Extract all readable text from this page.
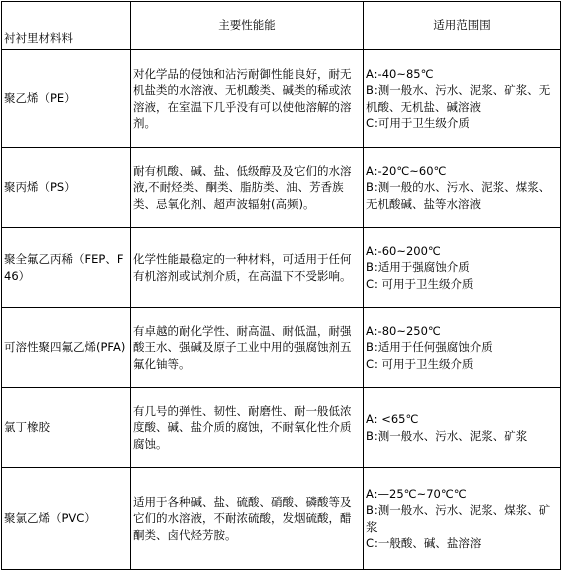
衬衬里材料料	主要性能能	适用范围围
聚乙烯（PE）	对化学品的侵蚀和沾污耐御性能良好，耐无机盐类的水溶液、无机酸类、碱类的稀或浓溶液，在室温下几乎没有可以使他溶解的溶剂。	A:-40~85℃
B:测一般水、污水、泥浆、矿浆、无机酸、无机盐、碱溶液
C:可用于卫生级介质

聚丙烯（PS）	耐有机酸、碱、盐、低级醇及及它们的水溶液,不耐烃类、酮类、脂肪类、油、芳香族类、忌氧化剂、超声波辐射(高频)。	A:-20℃~60℃
B:测一般的水、污水、泥浆、煤浆、无机酸碱、盐等水溶液

聚全氟乙丙稀（FEP、F46）	化学性能最稳定的一种材料，可适用于任何有机溶剂或试剂介质，在高温下不受影响。	A:-60~200℃
B:适用于强腐蚀介质
C: 可用于卫生级介质

可溶性聚四氟乙烯(PFA)	有卓越的耐化学性、耐高温、耐低温，耐强酸王水、强碱及原子工业中用的强腐蚀剂五氟化铀等。	A:-80~250℃
B:适用于任何强腐蚀介质
C: 可用于卫生级介质

氯丁橡胶	有几号的弹性、韧性、耐磨性、耐一般低浓度酸、碱、盐介质的腐蚀，不耐氧化性介质腐蚀。	A: <65℃
B:测一般水、污水、泥浆、矿浆

聚氯乙烯（PVC）	适用于各种碱、盐、硫酸、硝酸、磷酸等及它们的水溶液，不耐浓硫酸，发烟硫酸，醋酮类、卤代烃芳胺。	A:—25℃~70℃℃
B:测一般水、污水、泥浆、煤浆、矿浆
C:一般酸、碱、盐溶溶
